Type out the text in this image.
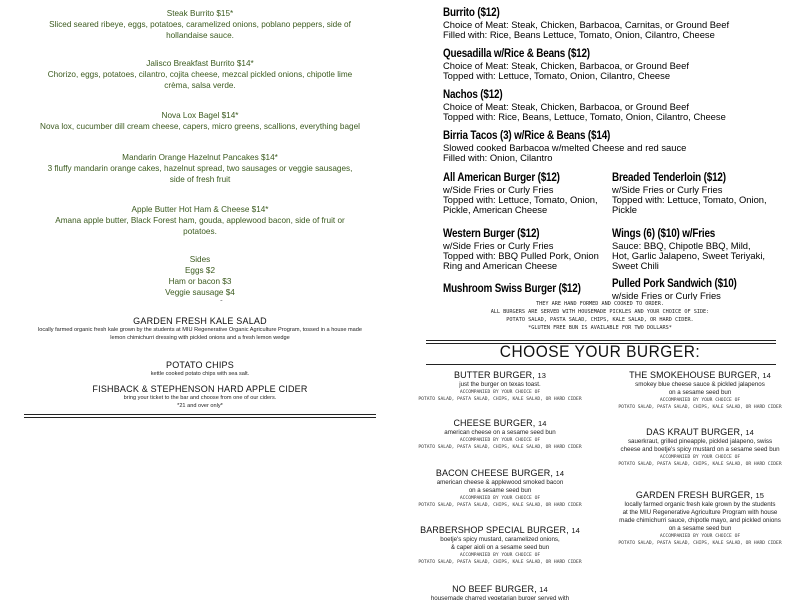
Steak Burrito $15*
Sliced seared ribeye, eggs, potatoes, caramelized onions, poblano peppers, side of hollandaise sauce.
Jalisco Breakfast Burrito $14*
Chorizo, eggs, potatoes, cilantro, cojita cheese, mezcal pickled onions, chipotle lime crèma, salsa verde.
Nova Lox Bagel $14*
Nova lox, cucumber dill cream cheese, capers, micro greens, scallions, everything bagel
Mandarin Orange Hazelnut Pancakes $14*
3 fluffy mandarin orange cakes, hazelnut spread, two sausages or veggie sausages, side of fresh fruit
Apple Butter Hot Ham & Cheese $14*
Amana apple butter, Black Forest ham, gouda, applewood bacon, side of fruit or potatoes.
Sides
Eggs $2
Ham or bacon $3
Veggie sausage $4
GARDEN FRESH KALE SALAD
locally farmed organic fresh kale grown by the students at MIU Regenerative Organic Agriculture Program, tossed in a house made lemon chimichurri dressing with pickled onions and a fresh lemon wedge
POTATO CHIPS
kettle cooked potato chips with sea salt.
FISHBACK & STEPHENSON HARD APPLE CIDER
bring your ticket to the bar and choose from one of our ciders.
*21 and over only*
Burrito ($12)
Choice of Meat: Steak, Chicken, Barbacoa, Carnitas, or Ground Beef
Filled with: Rice, Beans Lettuce, Tomato, Onion, Cilantro, Cheese
Quesadilla w/Rice & Beans ($12)
Choice of Meat: Steak, Chicken, Barbacoa, or Ground Beef
Topped with: Lettuce, Tomato, Onion, Cilantro, Cheese
Nachos ($12)
Choice of Meat: Steak, Chicken, Barbacoa, or Ground Beef
Topped with: Rice, Beans, Lettuce, Tomato, Onion, Cilantro, Cheese
Birria Tacos (3) w/Rice & Beans ($14)
Slowed cooked Barbacoa w/melted Cheese and red sauce
Filled with: Onion, Cilantro
All American Burger ($12)
w/Side Fries or Curly Fries
Topped with: Lettuce, Tomato, Onion,
Pickle, American Cheese
Breaded Tenderloin ($12)
w/Side Fries or Curly Fries
Topped with: Lettuce, Tomato, Onion,
Pickle
Western Burger ($12)
w/Side Fries or Curly Fries
Topped with: BBQ Pulled Pork, Onion
Ring and American Cheese
Wings (6) ($10) w/Fries
Sauce: BBQ, Chipotle BBQ, Mild,
Hot, Garlic Jalapeno, Sweet Teriyaki,
Sweet Chili
Mushroom Swiss Burger ($12)	Pulled Pork Sandwich ($10)
w/side Fries or Curly Fries
THEY ARE HAND FORMED AND COOKED TO ORDER.
ALL BURGERS ARE SERVED WITH HOUSEMADE PICKLES AND YOUR CHOICE OF SIDE:
POTATO SALAD, PASTA SALAD, CHIPS, KALE SALAD, OR HARD CIDER.
*GLUTEN FREE BUN IS AVAILABLE FOR TWO DOLLARS*
CHOOSE YOUR BURGER:
BUTTER BURGER, 13
just the burger on texas toast.
ACCOMPANIED BY YOUR CHOICE OF
POTATO SALAD, PASTA SALAD, CHIPS, KALE SALAD, OR HARD CIDER
CHEESE BURGER, 14
american cheese on a sesame seed bun
ACCOMPANIED BY YOUR CHOICE OF
POTATO SALAD, PASTA SALAD, CHIPS, KALE SALAD, OR HARD CIDER
BACON CHEESE BURGER, 14
american cheese & applewood smoked bacon
on a sesame seed bun
ACCOMPANIED BY YOUR CHOICE OF
POTATO SALAD, PASTA SALAD, CHIPS, KALE SALAD, OR HARD CIDER
BARBERSHOP SPECIAL BURGER, 14
boetje's spicy mustard, caramelized onions,
& caper aioli on a sesame seed bun
ACCOMPANIED BY YOUR CHOICE OF
POTATO SALAD, PASTA SALAD, CHIPS, KALE SALAD, OR HARD CIDER
NO BEEF BURGER, 14
housemade charred vegetarian burger served with
THE SMOKEHOUSE BURGER, 14
smokey blue cheese sauce & pickled jalapenos
on a sesame seed bun
ACCOMPANIED BY YOUR CHOICE OF
POTATO SALAD, PASTA SALAD, CHIPS, KALE SALAD, OR HARD CIDER
DAS KRAUT BURGER, 14
sauerkraut, grilled pineapple, pickled jalapeno, swiss
cheese and boetje's spicy mustard on a sesame seed bun
ACCOMPANIED BY YOUR CHOICE OF
POTATO SALAD, PASTA SALAD, CHIPS, KALE SALAD, OR HARD CIDER
GARDEN FRESH BURGER, 15
locally farmed organic fresh kale grown by the students
at the MIU Regenerative Agriculture Program with house
made chimichurri sauce, chipotle mayo, and pickled onions
on a sesame seed bun
ACCOMPANIED BY YOUR CHOICE OF
POTATO SALAD, PASTA SALAD, CHIPS, KALE SALAD, OR HARD CIDER
